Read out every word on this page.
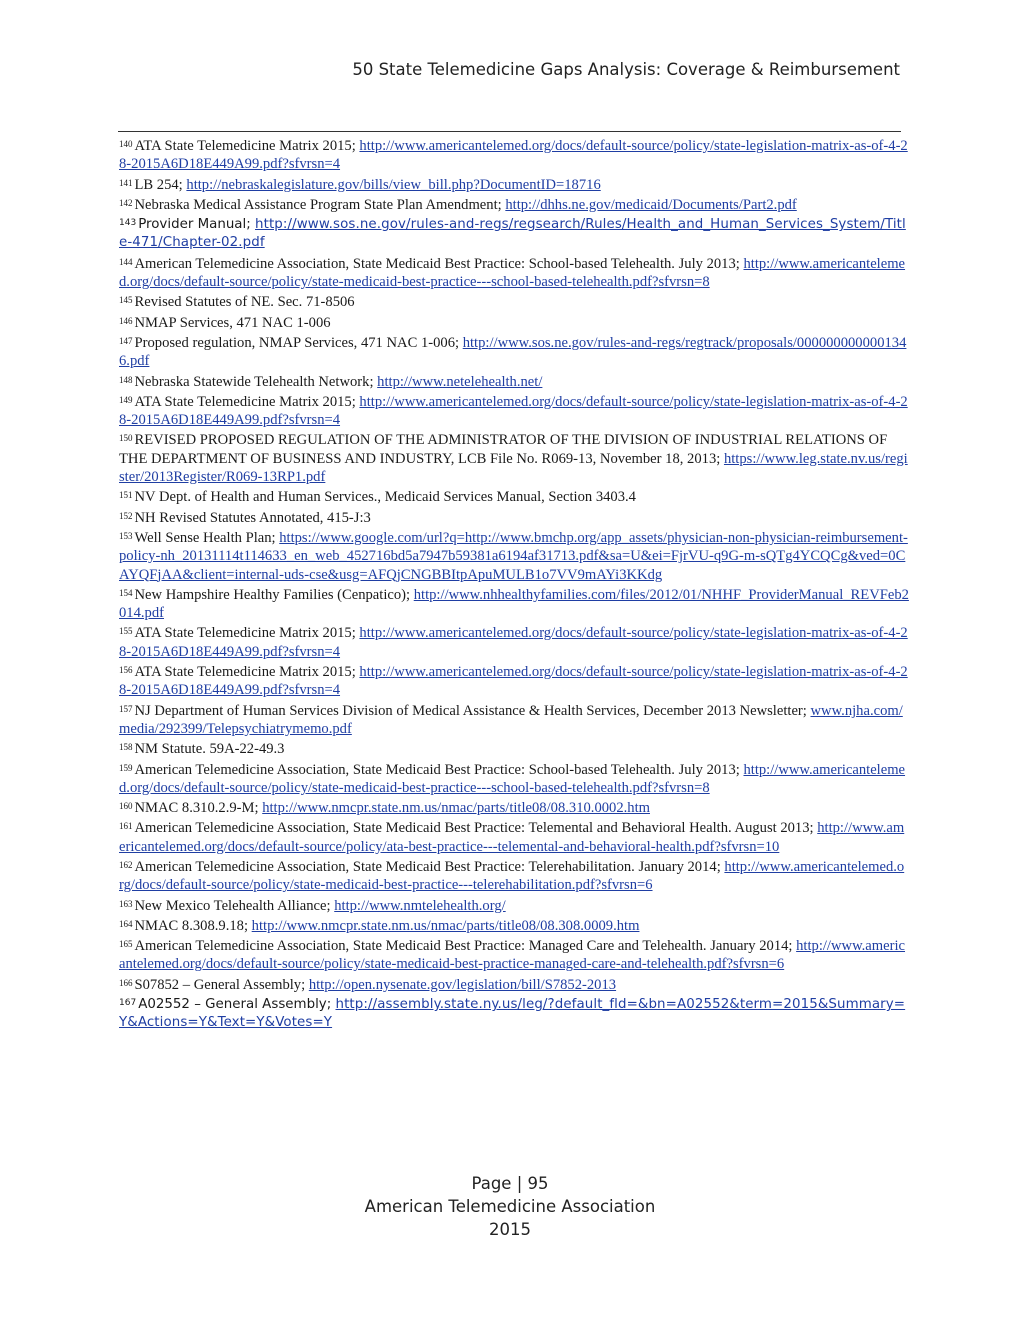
50 State Telemedicine Gaps Analysis: Coverage & Reimbursement
$^{140}$ ATA State Telemedicine Matrix 2015; http://www.americantelemed.org/docs/default-source/policy/state-legislation-matrix-as-of-4-28-2015A6D18E449A99.pdf?sfvrsn=4
$^{141}$ LB 254; http://nebraskalegislature.gov/bills/view_bill.php?DocumentID=18716
$^{142}$ Nebraska Medical Assistance Program State Plan Amendment; http://dhhs.ne.gov/medicaid/Documents/Part2.pdf
$^{143}$ Provider Manual; http://www.sos.ne.gov/rules-and-regs/regsearch/Rules/Health_and_Human_Services_System/Title-471/Chapter-02.pdf
$^{144}$ American Telemedicine Association, State Medicaid Best Practice: School-based Telehealth. July 2013; http://www.americantelemed.org/docs/default-source/policy/state-medicaid-best-practice---school-based-telehealth.pdf?sfvrsn=8
$^{145}$ Revised Statutes of NE. Sec. 71-8506
$^{146}$ NMAP Services, 471 NAC 1-006
$^{147}$ Proposed regulation, NMAP Services, 471 NAC 1-006; http://www.sos.ne.gov/rules-and-regs/regtrack/proposals/0000000000001346.pdf
$^{148}$ Nebraska Statewide Telehealth Network; http://www.netelehealth.net/
$^{149}$ ATA State Telemedicine Matrix 2015; http://www.americantelemed.org/docs/default-source/policy/state-legislation-matrix-as-of-4-28-2015A6D18E449A99.pdf?sfvrsn=4
$^{150}$ REVISED PROPOSED REGULATION OF THE ADMINISTRATOR OF THE DIVISION OF INDUSTRIAL RELATIONS OF THE DEPARTMENT OF BUSINESS AND INDUSTRY, LCB File No. R069-13, November 18, 2013; https://www.leg.state.nv.us/register/2013Register/R069-13RP1.pdf
$^{151}$ NV Dept. of Health and Human Services., Medicaid Services Manual, Section 3403.4
$^{152}$ NH Revised Statutes Annotated, 415-J:3
$^{153}$ Well Sense Health Plan; https://www.google.com/url?q=http://www.bmchp.org/app_assets/physician-non-physician-reimbursement-policy-nh_20131114t114633_en_web_452716bd5a7947b59381a6194af31713.pdf&sa=U&ei=FjrVU-q9G-m-sQTg4YCQCg&ved=0CAYQFjAA&client=internal-uds-cse&usg=AFQjCNGBBItpApuMULB1o7VV9mAYi3KKdg
$^{154}$ New Hampshire Healthy Families (Cenpatico); http://www.nhhealthyfamilies.com/files/2012/01/NHHF_ProviderManual_REVFeb2014.pdf
$^{155}$ ATA State Telemedicine Matrix 2015; http://www.americantelemed.org/docs/default-source/policy/state-legislation-matrix-as-of-4-28-2015A6D18E449A99.pdf?sfvrsn=4
$^{156}$ ATA State Telemedicine Matrix 2015; http://www.americantelemed.org/docs/default-source/policy/state-legislation-matrix-as-of-4-28-2015A6D18E449A99.pdf?sfvrsn=4
$^{157}$ NJ Department of Human Services Division of Medical Assistance & Health Services, December 2013 Newsletter; www.njha.com/media/292399/Telepsychiatrymemo.pdf
$^{158}$ NM Statute. 59A-22-49.3
$^{159}$ American Telemedicine Association, State Medicaid Best Practice: School-based Telehealth. July 2013; http://www.americantelemed.org/docs/default-source/policy/state-medicaid-best-practice---school-based-telehealth.pdf?sfvrsn=8
$^{160}$ NMAC 8.310.2.9-M; http://www.nmcpr.state.nm.us/nmac/parts/title08/08.310.0002.htm
$^{161}$ American Telemedicine Association, State Medicaid Best Practice: Telemental and Behavioral Health. August 2013; http://www.americantelemed.org/docs/default-source/policy/ata-best-practice---telemental-and-behavioral-health.pdf?sfvrsn=10
$^{162}$ American Telemedicine Association, State Medicaid Best Practice: Telerehabilitation. January 2014; http://www.americantelemed.org/docs/default-source/policy/state-medicaid-best-practice---telerehabilitation.pdf?sfvrsn=6
$^{163}$ New Mexico Telehealth Alliance; http://www.nmtelehealth.org/
$^{164}$ NMAC 8.308.9.18; http://www.nmcpr.state.nm.us/nmac/parts/title08/08.308.0009.htm
$^{165}$ American Telemedicine Association, State Medicaid Best Practice: Managed Care and Telehealth. January 2014; http://www.americantelemed.org/docs/default-source/policy/state-medicaid-best-practice-managed-care-and-telehealth.pdf?sfvrsn=6
$^{166}$ S07852 – General Assembly; http://open.nysenate.gov/legislation/bill/S7852-2013
$^{167}$ A02552 – General Assembly; http://assembly.state.ny.us/leg/?default_fld=&bn=A02552&term=2015&Summary=Y&Actions=Y&Text=Y&Votes=Y
Page | 95
American Telemedicine Association
2015
